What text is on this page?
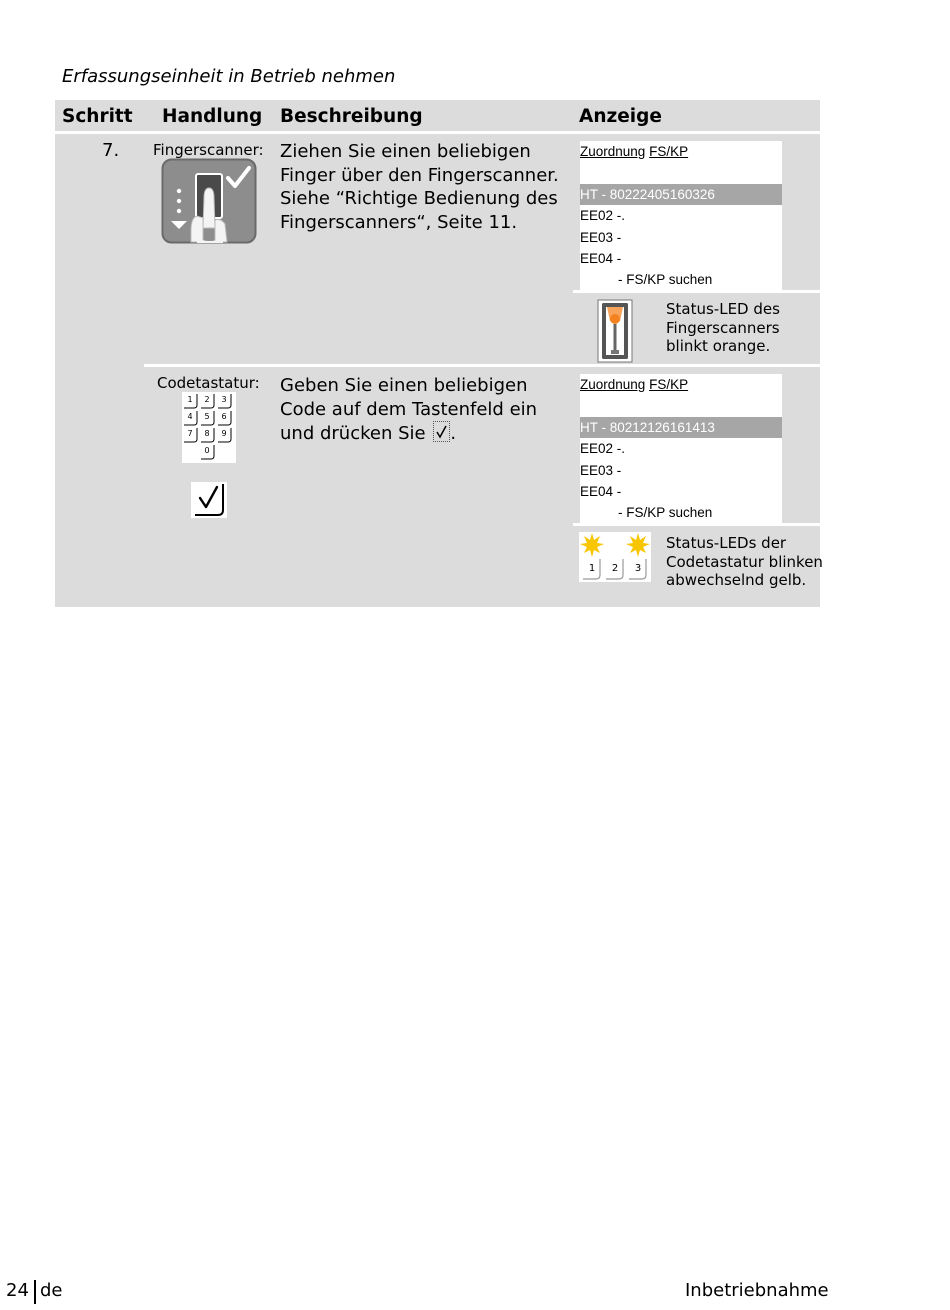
Erfassungseinheit in Betrieb nehmen
Schritt Handlung Beschreibung	Anzeige
7. Fingerscanner: Ziehen Sie einen beliebigen Finger über den Fingerscanner. Siehe “Richtige Bedienung des Fingerscanners“, Seite 11.
Zuordnung FS/KP
HT - 80222405160326
EE02 -.
EE03 -
EE04 -
- FS/KP suchen
Status-LED des Fingerscanners blinkt orange.
Codetastatur:
1 2 3
4 5 6
7 8 9
0
Geben Sie einen beliebigen Code auf dem Tastenfeld ein und drücken Sie .
Zuordnung FS/KP
HT - 80212126161413
EE02 -.
EE03 -
EE04 -
- FS/KP suchen
1 2 3
Status-LEDs der Codetastatur blinken abwechselnd gelb.
24 de	Inbetriebnahme
